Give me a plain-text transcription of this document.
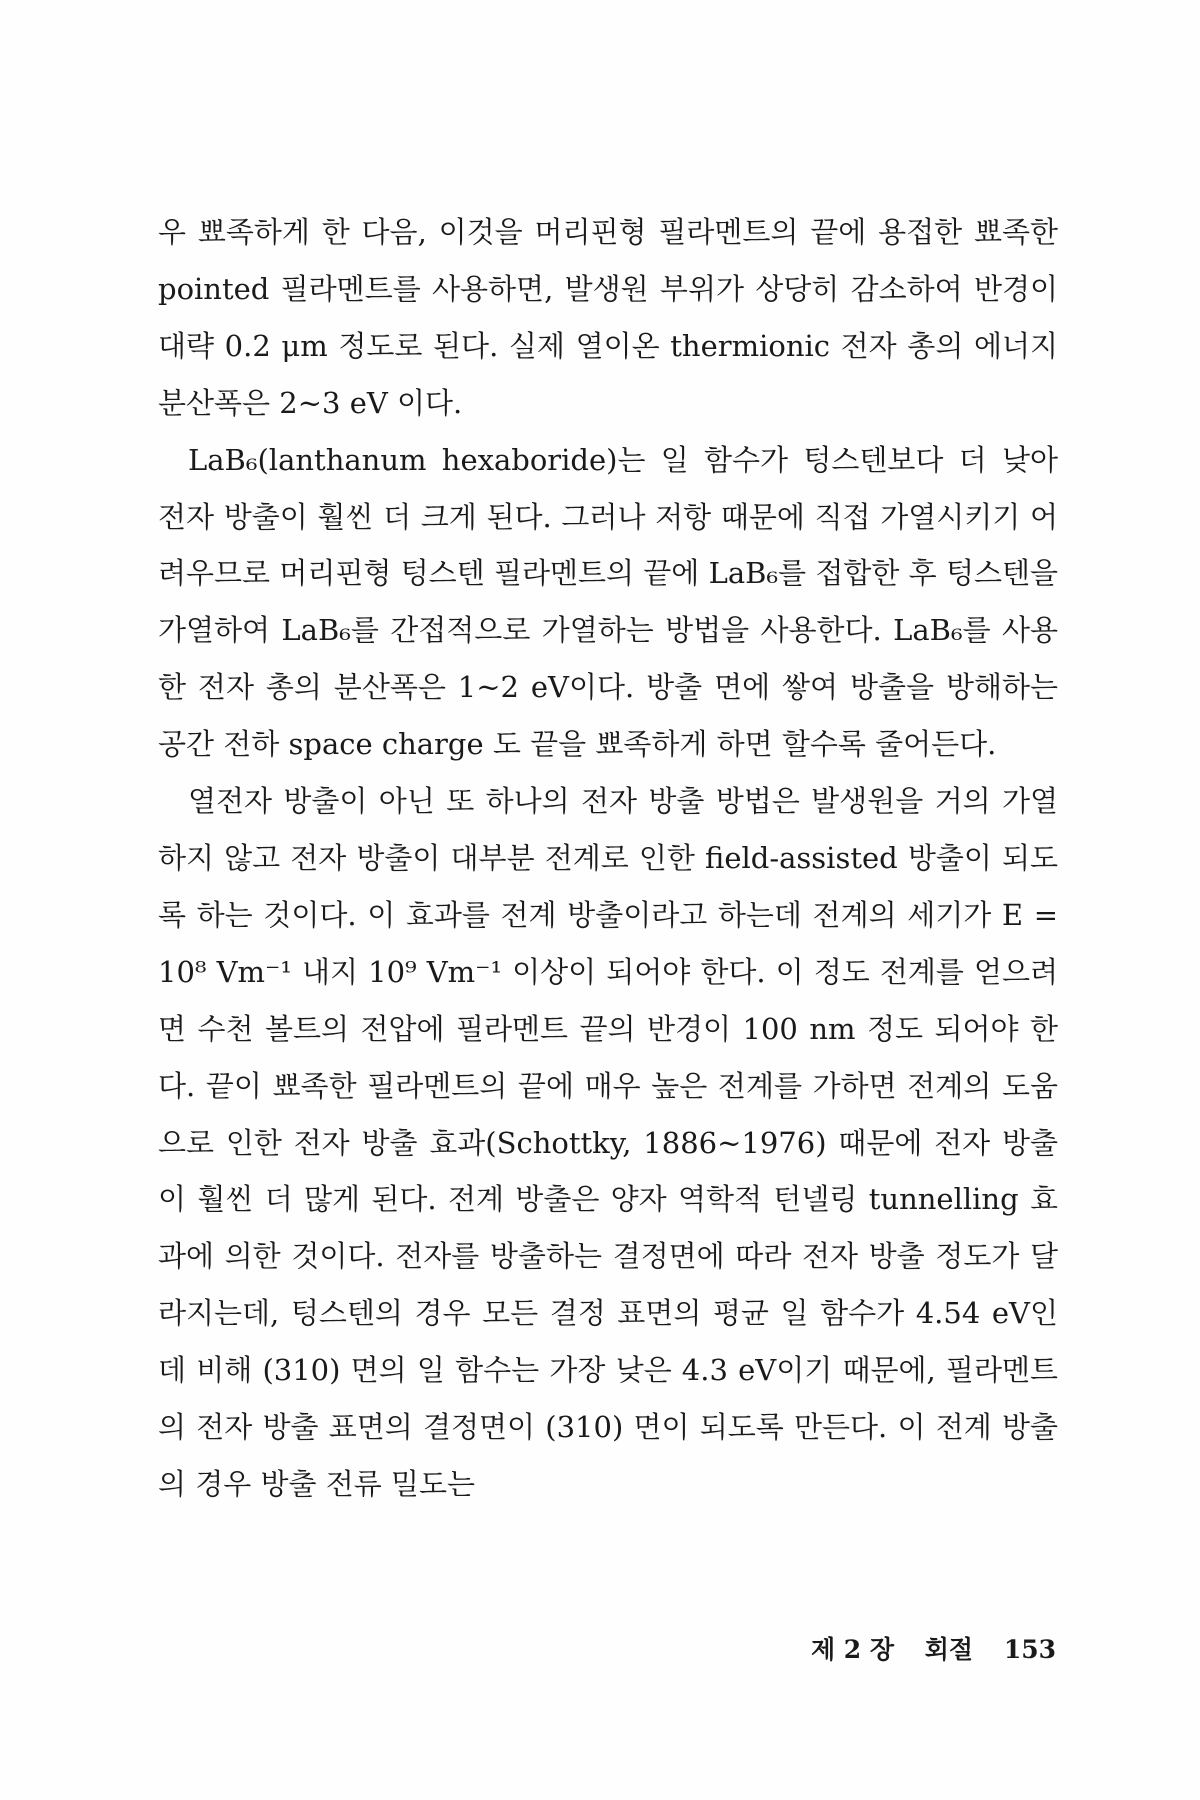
우 뾰족하게 한 다음, 이것을 머리핀형 필라멘트의 끝에 용접한 뾰족한 pointed 필라멘트를 사용하면, 발생원 부위가 상당히 감소하여 반경이 대략 0.2 μm 정도로 된다. 실제 열이온 thermionic 전자 총의 에너지 분산폭은 2~3 eV 이다.

LaB₆(lanthanum hexaboride)는 일 함수가 텅스텐보다 더 낮아 전자 방출이 훨씬 더 크게 된다. 그러나 저항 때문에 직접 가열시키기 어려우므로 머리핀형 텅스텐 필라멘트의 끝에 LaB₆를 접합한 후 텅스텐을 가열하여 LaB₆를 간접적으로 가열하는 방법을 사용한다. LaB₆를 사용한 전자 총의 분산폭은 1~2 eV이다. 방출 면에 쌓여 방출을 방해하는 공간 전하 space charge 도 끝을 뾰족하게 하면 할수록 줄어든다.

열전자 방출이 아닌 또 하나의 전자 방출 방법은 발생원을 거의 가열하지 않고 전자 방출이 대부분 전계로 인한 field-assisted 방출이 되도록 하는 것이다. 이 효과를 전계 방출이라고 하는데 전계의 세기가 E = 10⁸ Vm⁻¹ 내지 10⁹ Vm⁻¹ 이상이 되어야 한다. 이 정도 전계를 얻으려면 수천 볼트의 전압에 필라멘트 끝의 반경이 100 nm 정도 되어야 한다. 끝이 뾰족한 필라멘트의 끝에 매우 높은 전계를 가하면 전계의 도움으로 인한 전자 방출 효과(Schottky, 1886~1976) 때문에 전자 방출이 훨씬 더 많게 된다. 전계 방출은 양자 역학적 턴넬링 tunnelling 효과에 의한 것이다. 전자를 방출하는 결정면에 따라 전자 방출 정도가 달라지는데, 텅스텐의 경우 모든 결정 표면의 평균 일 함수가 4.54 eV인데 비해 (310) 면의 일 함수는 가장 낮은 4.3 eV이기 때문에, 필라멘트의 전자 방출 표면의 결정면이 (310) 면이 되도록 만든다. 이 전계 방출의 경우 방출 전류 밀도는

제 2 장 회절 153
